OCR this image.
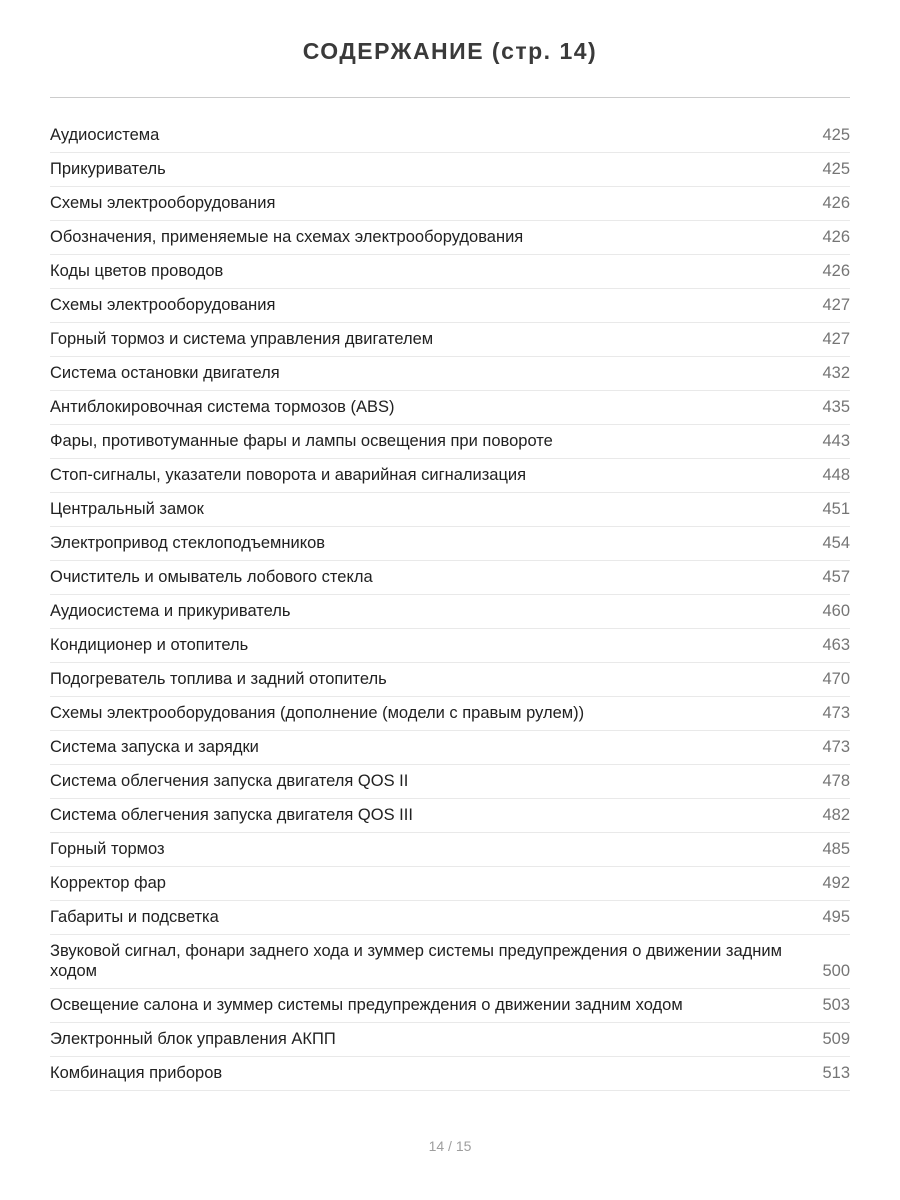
СОДЕРЖАНИЕ (стр. 14)
Аудиосистема	425
Прикуриватель	425
Схемы электрооборудования	426
Обозначения, применяемые на схемах электрооборудования	426
Коды цветов проводов	426
Схемы электрооборудования	427
Горный тормоз и система управления двигателем	427
Система остановки двигателя	432
Антиблокировочная система тормозов (ABS)	435
Фары, противотуманные фары и лампы освещения при повороте	443
Стоп-сигналы, указатели поворота и аварийная сигнализация	448
Центральный замок	451
Электропривод стеклоподъемников	454
Очиститель и омыватель лобового стекла	457
Аудиосистема и прикуриватель	460
Кондиционер и отопитель	463
Подогреватель топлива и задний отопитель	470
Схемы электрооборудования (дополнение (модели с правым рулем))	473
Система запуска и зарядки	473
Система облегчения запуска двигателя QOS II	478
Система облегчения запуска двигателя QOS III	482
Горный тормоз	485
Корректор фар	492
Габариты и подсветка	495
Звуковой сигнал, фонари заднего хода и зуммер системы предупреждения о движении задним ходом	500
Освещение салона и зуммер системы предупреждения о движении задним ходом	503
Электронный блок управления АКПП	509
Комбинация приборов	513
14 / 15
